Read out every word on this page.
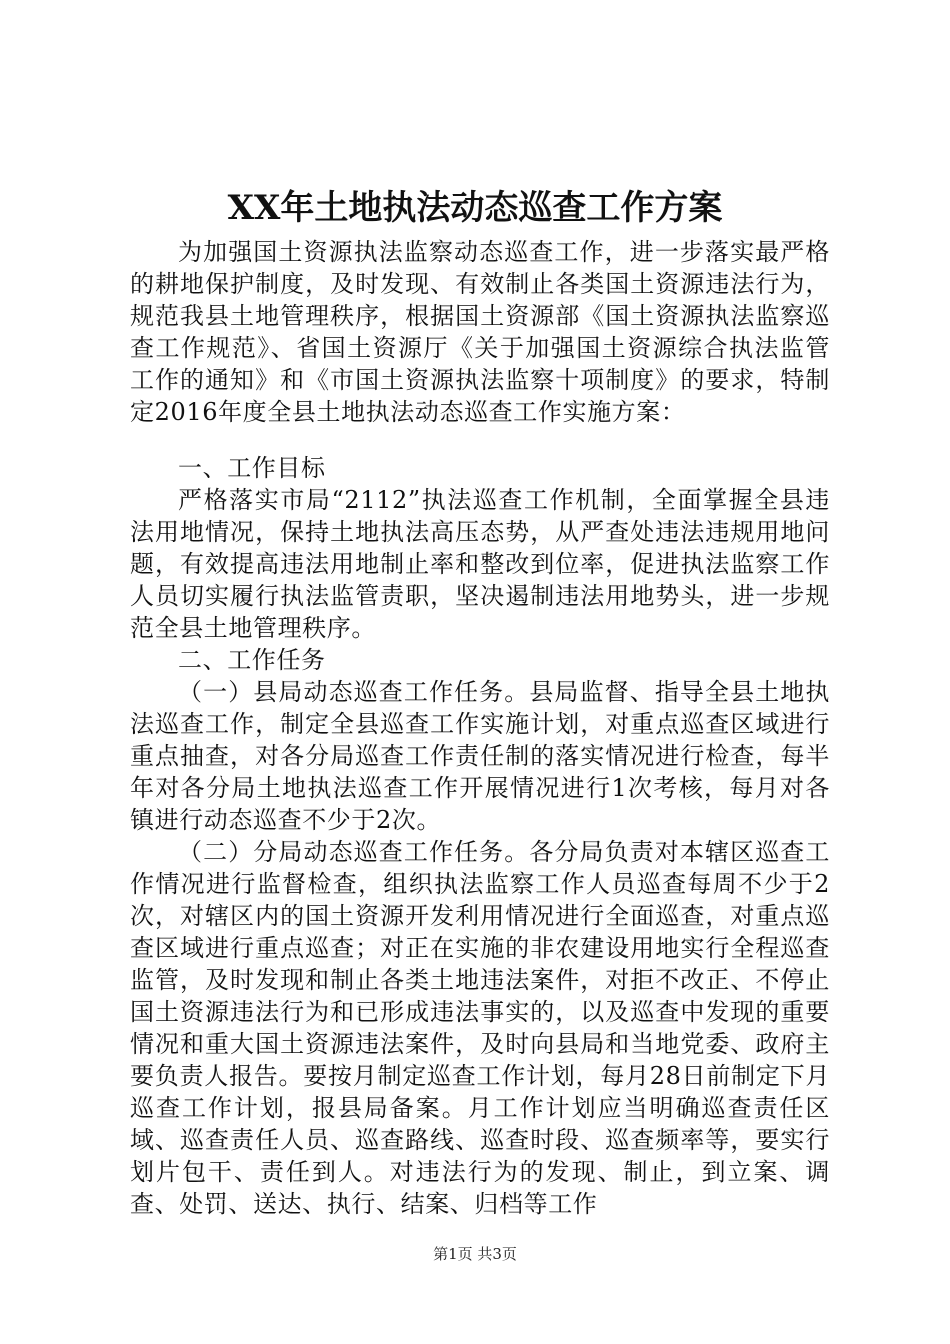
XX年土地执法动态巡查工作方案

为加强国土资源执法监察动态巡查工作，进一步落实最严格的耕地保护制度，及时发现、有效制止各类国土资源违法行为，规范我县土地管理秩序，根据国土资源部《国土资源执法监察巡查工作规范》、省国土资源厅《关于加强国土资源综合执法监管工作的通知》和《市国土资源执法监察十项制度》的要求，特制定2016年度全县土地执法动态巡查工作实施方案：

一、工作目标

严格落实市局“2112”执法巡查工作机制，全面掌握全县违法用地情况，保持土地执法高压态势，从严查处违法违规用地问题，有效提高违法用地制止率和整改到位率，促进执法监察工作人员切实履行执法监管责职，坚决遏制违法用地势头，进一步规范全县土地管理秩序。

二、工作任务

（一）县局动态巡查工作任务。县局监督、指导全县土地执法巡查工作，制定全县巡查工作实施计划，对重点巡查区域进行重点抽查，对各分局巡查工作责任制的落实情况进行检查，每半年对各分局土地执法巡查工作开展情况进行1次考核，每月对各镇进行动态巡查不少于2次。

（二）分局动态巡查工作任务。各分局负责对本辖区巡查工作情况进行监督检查，组织执法监察工作人员巡查每周不少于2次，对辖区内的国土资源开发利用情况进行全面巡查，对重点巡查区域进行重点巡查；对正在实施的非农建设用地实行全程巡查监管，及时发现和制止各类土地违法案件，对拒不改正、不停止国土资源违法行为和已形成违法事实的，以及巡查中发现的重要情况和重大国土资源违法案件，及时向县局和当地党委、政府主要负责人报告。要按月制定巡查工作计划，每月28日前制定下月巡查工作计划，报县局备案。月工作计划应当明确巡查责任区域、巡查责任人员、巡查路线、巡查时段、巡查频率等，要实行划片包干、责任到人。对违法行为的发现、制止，到立案、调查、处罚、送达、执行、结案、归档等工作

第1页 共3页
